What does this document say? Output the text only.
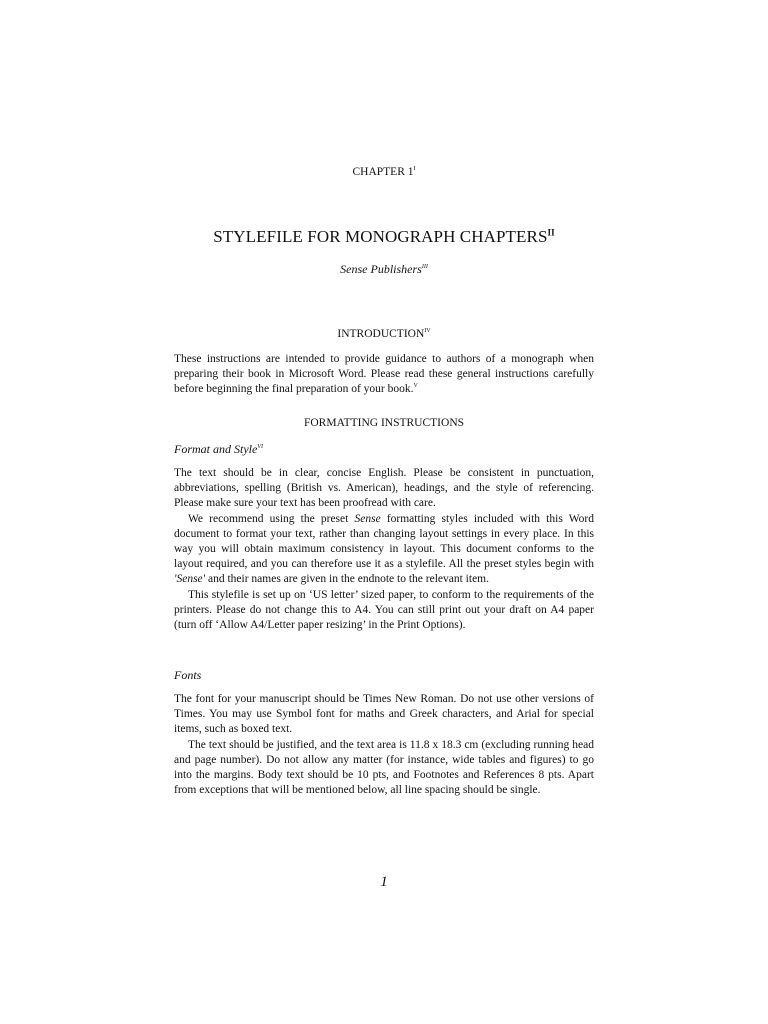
CHAPTER $1^I$
STYLEFILE FOR MONOGRAPH $CHAPTERS^{II}$
Sense Publishers$^{III}$
$INTRODUCTION^{IV}$

These instructions are intended to provide guidance to authors of a monograph when preparing their book in Microsoft Word. Please read these general instructions carefully before beginning the final preparation of your book.$^V$

FORMATTING INSTRUCTIONS
Format and Style$^{VI}$

The text should be in clear, concise English. Please be consistent in punctuation, abbreviations, spelling (British vs. American), headings, and the style of referencing. Please make sure your text has been proofread with care.

We recommend using the preset Sense formatting styles included with this Word document to format your text, rather than changing layout settings in every place. In this way you will obtain maximum consistency in layout. This document conforms to the layout required, and you can therefore use it as a stylefile. All the preset styles begin with 'Sense' and their names are given in the endnote to the relevant item.

This stylefile is set up on ‘US letter’ sized paper, to conform to the requirements of the printers. Please do not change this to A4. You can still print out your draft on A4 paper (turn off ‘Allow A4/Letter paper resizing’ in the Print Options).

Fonts

The font for your manuscript should be Times New Roman. Do not use other versions of Times. You may use Symbol font for maths and Greek characters, and Arial for special items, such as boxed text.

The text should be justified, and the text area is 11.8 x 18.3 cm (excluding running head and page number). Do not allow any matter (for instance, wide tables and figures) to go into the margins. Body text should be 10 pts, and Footnotes and References 8 pts. Apart from exceptions that will be mentioned below, all line spacing should be single.

1
